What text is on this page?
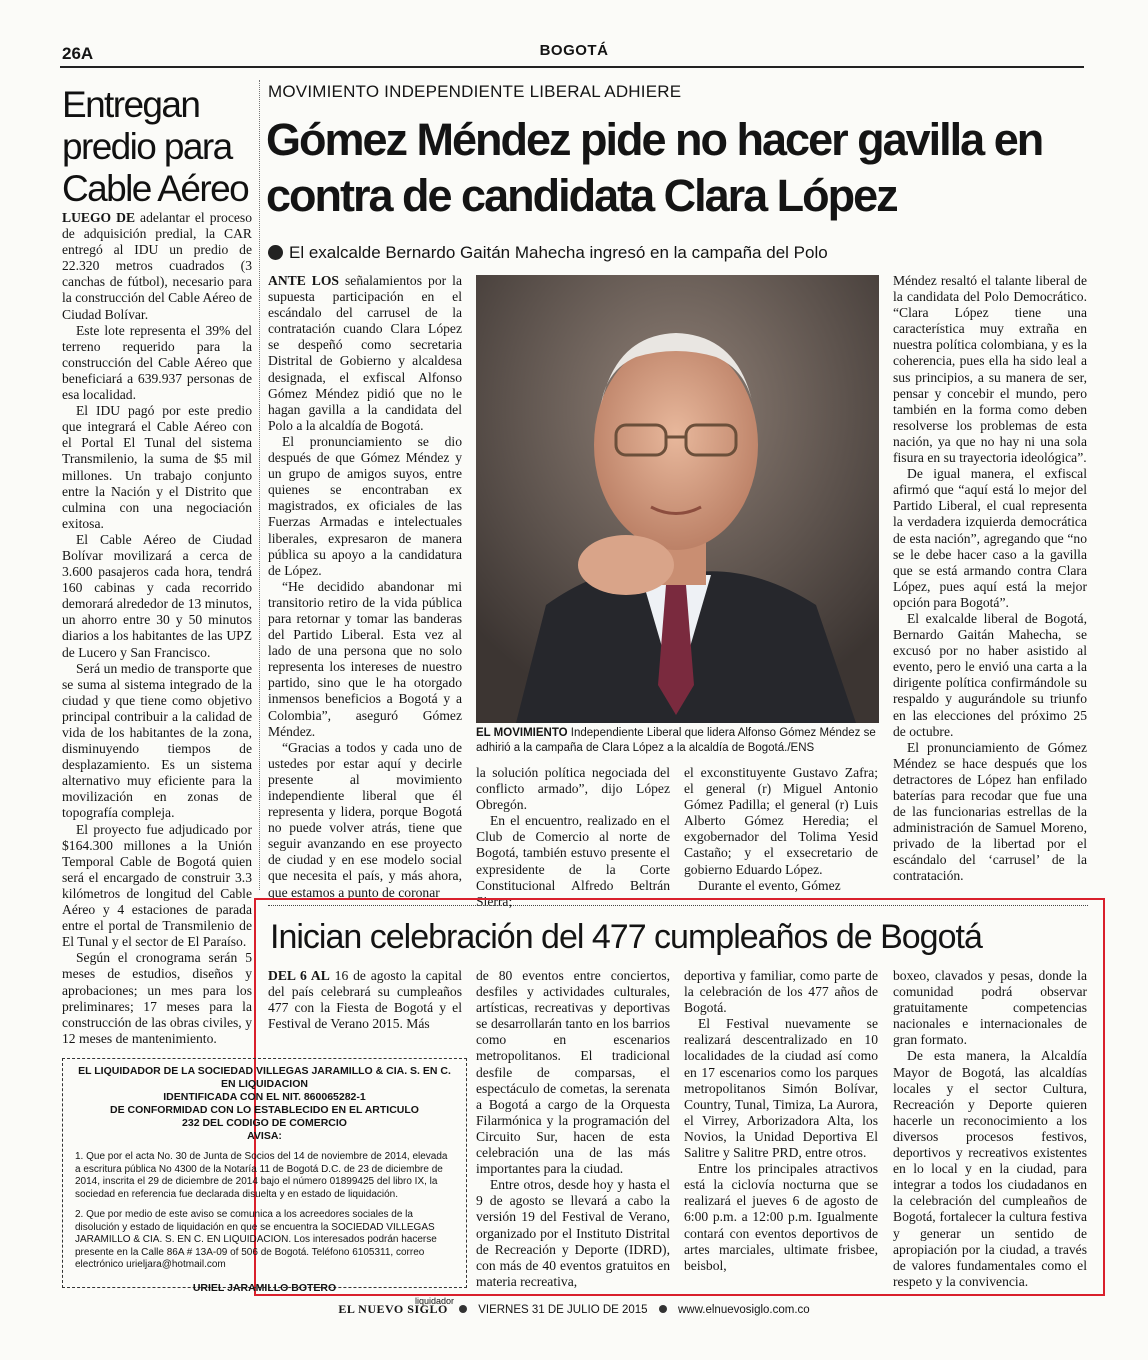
26A	BOGOTÁ
Entregan predio para Cable Aéreo

LUEGO DE adelantar el proceso de adquisición predial, la CAR entregó al IDU un predio de 22.320 metros cuadrados (3 canchas de fútbol), necesario para la construcción del Cable Aéreo de Ciudad Bolívar.

Este lote representa el 39% del terreno requerido para la construcción del Cable Aéreo que beneficiará a 639.937 personas de esa localidad.

El IDU pagó por este predio que integrará el Cable Aéreo con el Portal El Tunal del sistema Transmilenio, la suma de $5 mil millones. Un trabajo conjunto entre la Nación y el Distrito que culmina con una negociación exitosa.

El Cable Aéreo de Ciudad Bolívar movilizará a cerca de 3.600 pasajeros cada hora, tendrá 160 cabinas y cada recorrido demorará alrededor de 13 minutos, un ahorro entre 30 y 50 minutos diarios a los habitantes de las UPZ de Lucero y San Francisco.

Será un medio de transporte que se suma al sistema integrado de la ciudad y que tiene como objetivo principal contribuir a la calidad de vida de los habitantes de la zona, disminuyendo tiempos de desplazamiento. Es un sistema alternativo muy eficiente para la movilización en zonas de topografía compleja.

El proyecto fue adjudicado por $164.300 millones a la Unión Temporal Cable de Bogotá quien será el encargado de construir 3.3 kilómetros de longitud del Cable Aéreo y 4 estaciones de parada entre el portal de Transmilenio de El Tunal y el sector de El Paraíso.

Según el cronograma serán 5 meses de estudios, diseños y aprobaciones; un mes para los preliminares; 17 meses para la construcción de las obras civiles, y 12 meses de mantenimiento.

MOVIMIENTO INDEPENDIENTE LIBERAL ADHIERE
Gómez Méndez pide no hacer gavilla en contra de candidata Clara López
El exalcalde Bernardo Gaitán Mahecha ingresó en la campaña del Polo

ANTE LOS señalamientos por la supuesta participación en el escándalo del carrusel de la contratación cuando Clara López se despeñó como secretaria Distrital de Gobierno y alcaldesa designada, el exfiscal Alfonso Gómez Méndez pidió que no le hagan gavilla a la candidata del Polo a la alcaldía de Bogotá.

El pronunciamiento se dio después de que Gómez Méndez y un grupo de amigos suyos, entre quienes se encontraban ex magistrados, ex oficiales de las Fuerzas Armadas e intelectuales liberales, expresaron de manera pública su apoyo a la candidatura de López.

“He decidido abandonar mi transitorio retiro de la vida pública para retornar y tomar las banderas del Partido Liberal. Esta vez al lado de una persona que no solo representa los intereses de nuestro partido, sino que le ha otorgado inmensos beneficios a Bogotá y a Colombia”, aseguró Gómez Méndez.

“Gracias a todos y cada uno de ustedes por estar aquí y decirle presente al movimiento independiente liberal que él representa y lidera, porque Bogotá no puede volver atrás, tiene que seguir avanzando en ese proyecto de ciudad y en ese modelo social que necesita el país, y más ahora, que estamos a punto de coronar

EL MOVIMIENTO Independiente Liberal que lidera Alfonso Gómez Méndez se adhirió a la campaña de Clara López a la alcaldía de Bogotá./ENS

la solución política negociada del conflicto armado”, dijo López Obregón.

En el encuentro, realizado en el Club de Comercio al norte de Bogotá, también estuvo presente el expresidente de la Corte Constitucional Alfredo Beltrán Sierra;

el exconstituyente Gustavo Zafra; el general (r) Miguel Antonio Gómez Padilla; el general (r) Luis Alberto Gómez Heredia; el exgobernador del Tolima Yesid Castaño; y el exsecretario de gobierno Eduardo López.

Durante el evento, Gómez

Méndez resaltó el talante liberal de la candidata del Polo Democrático. “Clara López tiene una característica muy extraña en nuestra política colombiana, y es la coherencia, pues ella ha sido leal a sus principios, a su manera de ser, pensar y concebir el mundo, pero también en la forma como deben resolverse los problemas de esta nación, ya que no hay ni una sola fisura en su trayectoria ideológica”.

De igual manera, el exfiscal afirmó que “aquí está lo mejor del Partido Liberal, el cual representa la verdadera izquierda democrática de esta nación”, agregando que “no se le debe hacer caso a la gavilla que se está armando contra Clara López, pues aquí está la mejor opción para Bogotá”.

El exalcalde liberal de Bogotá, Bernardo Gaitán Mahecha, se excusó por no haber asistido al evento, pero le envió una carta a la dirigente política confirmándole su respaldo y augurándole su triunfo en las elecciones del próximo 25 de octubre.

El pronunciamiento de Gómez Méndez se hace después que los detractores de López han enfilado baterías para recodar que fue una de las funcionarias estrellas de la administración de Samuel Moreno, privado de la libertad por el escándalo del ‘carrusel’ de la contratación.

Inician celebración del 477 cumpleaños de Bogotá

DEL 6 AL 16 de agosto la capital del país celebrará su cumpleaños 477 con la Fiesta de Bogotá y el Festival de Verano 2015. Más

de 80 eventos entre conciertos, desfiles y actividades culturales, artísticas, recreativas y deportivas se desarrollarán tanto en los barrios como en escenarios metropolitanos. El tradicional desfile de comparsas, el espectáculo de cometas, la serenata a Bogotá a cargo de la Orquesta Filarmónica y la programación del Circuito Sur, hacen de esta celebración una de las más importantes para la ciudad.

Entre otros, desde hoy y hasta el 9 de agosto se llevará a cabo la versión 19 del Festival de Verano, organizado por el Instituto Distrital de Recreación y Deporte (IDRD), con más de 40 eventos gratuitos en materia recreativa,

deportiva y familiar, como parte de la celebración de los 477 años de Bogotá.

El Festival nuevamente se realizará descentralizado en 10 localidades de la ciudad así como en 17 escenarios como los parques metropolitanos Simón Bolívar, Country, Tunal, Timiza, La Aurora, el Virrey, Arborizadora Alta, los Novios, la Unidad Deportiva El Salitre y Salitre PRD, entre otros.

Entre los principales atractivos está la ciclovía nocturna que se realizará el jueves 6 de agosto de 6:00 p.m. a 12:00 p.m. Igualmente contará con eventos deportivos de artes marciales, ultimate frisbee, beisbol,

boxeo, clavados y pesas, donde la comunidad podrá observar gratuitamente competencias nacionales e internacionales de gran formato.

De esta manera, la Alcaldía Mayor de Bogotá, las alcaldías locales y el sector Cultura, Recreación y Deporte quieren hacerle un reconocimiento a los diversos procesos festivos, deportivos y recreativos existentes en lo local y en la ciudad, para integrar a todos los ciudadanos en la celebración del cumpleaños de Bogotá, fortalecer la cultura festiva y generar un sentido de apropiación por la ciudad, a través de valores fundamentales como el respeto y la convivencia.

EL LIQUIDADOR DE LA SOCIEDAD VILLEGAS JARAMILLO & CIA. S. EN C.
EN LIQUIDACION
IDENTIFICADA CON EL NIT. 860065282-1
DE CONFORMIDAD CON LO ESTABLECIDO EN EL ARTICULO
232 DEL CODIGO DE COMERCIO
AVISA:
1. Que por el acta No. 30 de Junta de Socios del 14 de noviembre de 2014, elevada a escritura pública No 4300 de la Notaría 11 de Bogotá D.C. de 23 de diciembre de 2014, inscrita el 29 de diciembre de 2014 bajo el número 01899425 del libro IX, la sociedad en referencia fue declarada disuelta y en estado de liquidación.
2. Que por medio de este aviso se comunica a los acreedores sociales de la disolución y estado de liquidación en que se encuentra la SOCIEDAD VILLEGAS JARAMILLO & CIA. S. EN C. EN LIQUIDACION. Los interesados podrán hacerse presente en la Calle 86A # 13A-09 of 506 de Bogotá. Teléfono 6105311, correo electrónico urieljara@hotmail.com
URIEL JARAMILLO BOTERO
liquidador
EL NUEVO SIGLO	VIERNES 31 DE JULIO DE 2015	www.elnuevosiglo.com.co
